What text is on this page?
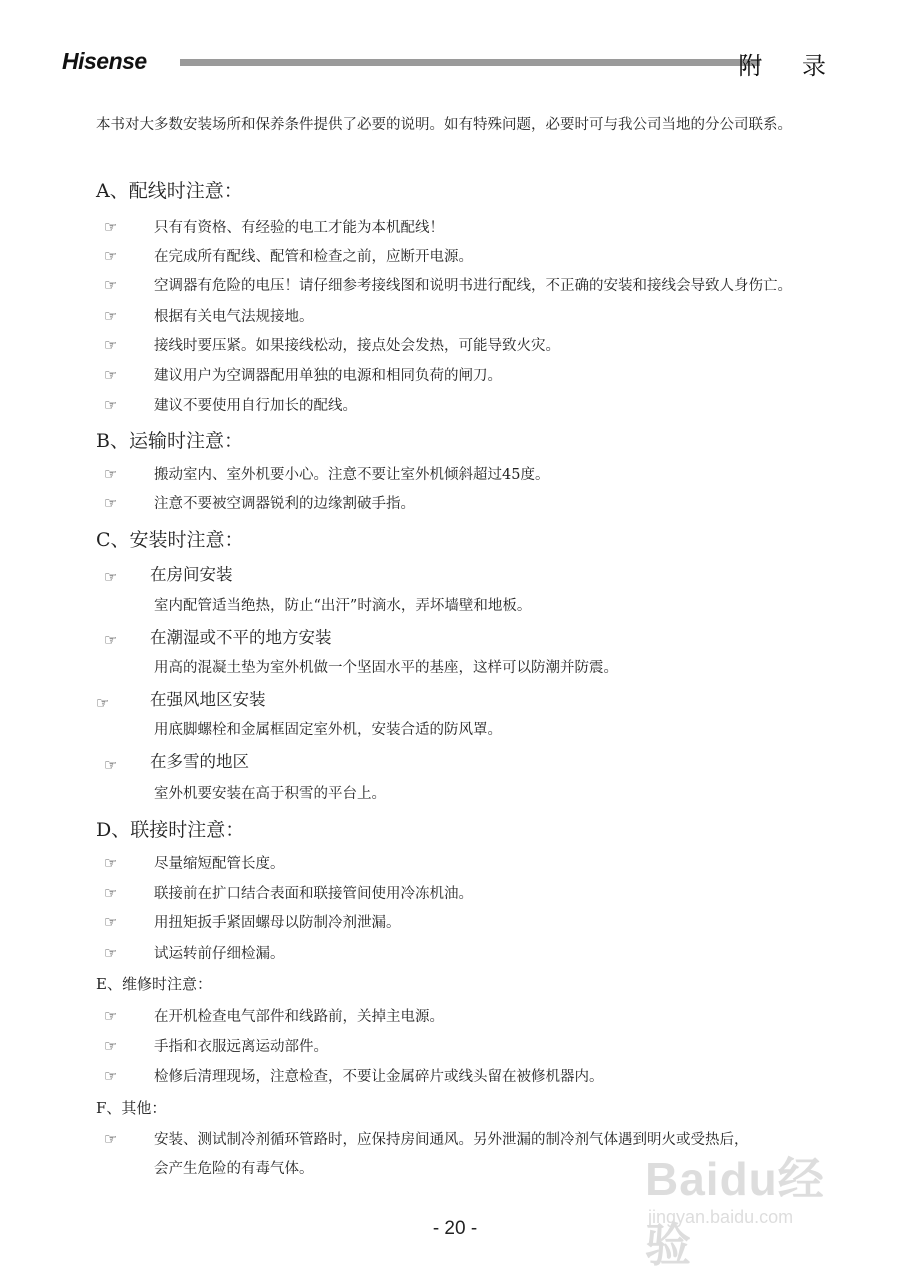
Hisense	附 录
本书对大多数安装场所和保养条件提供了必要的说明。如有特殊问题，必要时可与我公司当地的分公司联系。
A、配线时注意：
☞	只有有资格、有经验的电工才能为本机配线！
☞	在完成所有配线、配管和检查之前，应断开电源。
☞	空调器有危险的电压！请仔细参考接线图和说明书进行配线，不正确的安装和接线会导致人身伤亡。
☞	根据有关电气法规接地。
☞	接线时要压紧。如果接线松动，接点处会发热，可能导致火灾。
☞	建议用户为空调器配用单独的电源和相同负荷的闸刀。
☞	建议不要使用自行加长的配线。
B、运输时注意：
☞	搬动室内、室外机要小心。注意不要让室外机倾斜超过45度。
☞	注意不要被空调器锐利的边缘割破手指。
C、安装时注意：
☞ 在房间安装
室内配管适当绝热，防止“出汗”时滴水，弄坏墙壁和地板。
☞ 在潮湿或不平的地方安装
用高的混凝土垫为室外机做一个坚固水平的基座，这样可以防潮并防震。
☞ 在强风地区安装
用底脚螺栓和金属框固定室外机，安装合适的防风罩。
☞ 在多雪的地区
室外机要安装在高于积雪的平台上。
D、联接时注意：
☞	尽量缩短配管长度。
☞	联接前在扩口结合表面和联接管间使用冷冻机油。
☞	用扭矩扳手紧固螺母以防制冷剂泄漏。
☞	试运转前仔细检漏。
E、维修时注意：
☞	在开机检查电气部件和线路前，关掉主电源。
☞	手指和衣服远离运动部件。
☞	检修后清理现场，注意检查，不要让金属碎片或线头留在被修机器内。
F、其他：
☞	安装、测试制冷剂循环管路时，应保持房间通风。另外泄漏的制冷剂气体遇到明火或受热后，
会产生危险的有毒气体。	Baidu经验
jingyan.baidu.com
- 20 -
